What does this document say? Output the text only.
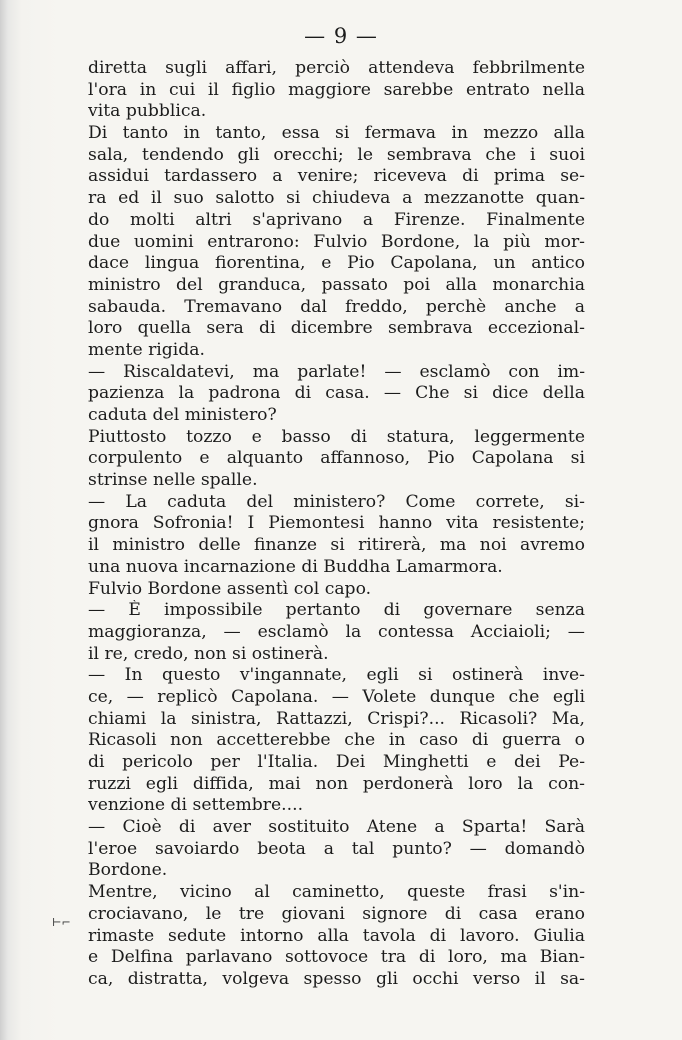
— 9 —
diretta sugli affari, perciò attendeva febbrilmente
l'ora in cui il figlio maggiore sarebbe entrato nella
vita pubblica.
Di tanto in tanto, essa si fermava in mezzo alla
sala, tendendo gli orecchi; le sembrava che i suoi
assidui tardassero a venire; riceveva di prima se-
ra ed il suo salotto si chiudeva a mezzanotte quan-
do molti altri s'aprivano a Firenze. Finalmente
due uomini entrarono: Fulvio Bordone, la più mor-
dace lingua fiorentina, e Pio Capolana, un antico
ministro del granduca, passato poi alla monarchia
sabauda. Tremavano dal freddo, perchè anche a
loro quella sera di dicembre sembrava eccezional-
mente rigida.
— Riscaldatevi, ma parlate! — esclamò con im-
pazienza la padrona di casa. — Che si dice della
caduta del ministero?
Piuttosto tozzo e basso di statura, leggermente
corpulento e alquanto affannoso, Pio Capolana si
strinse nelle spalle.
— La caduta del ministero? Come correte, si-
gnora Sofronia! I Piemontesi hanno vita resistente;
il ministro delle finanze si ritirerà, ma noi avremo
una nuova incarnazione di Buddha Lamarmora.
Fulvio Bordone assentì col capo.
— È impossibile pertanto di governare senza
maggioranza, — esclamò la contessa Acciaioli; —
il re, credo, non si ostinerà.
— In questo v'ingannate, egli si ostinerà inve-
ce, — replicò Capolana. — Volete dunque che egli
chiami la sinistra, Rattazzi, Crispi?... Ricasoli? Ma,
Ricasoli non accetterebbe che in caso di guerra o
di pericolo per l'Italia. Dei Minghetti e dei Pe-
ruzzi egli diffida, mai non perdonerà loro la con-
venzione di settembre....
— Cioè di aver sostituito Atene a Sparta! Sarà
l'eroe savoiardo beota a tal punto? — domandò
Bordone.
Mentre, vicino al caminetto, queste frasi s'in-
crociavano, le tre giovani signore di casa erano
rimaste sedute intorno alla tavola di lavoro. Giulia
e Delfina parlavano sottovoce tra di loro, ma Bian-
ca, distratta, volgeva spesso gli occhi verso il sa-
⊢⌐
